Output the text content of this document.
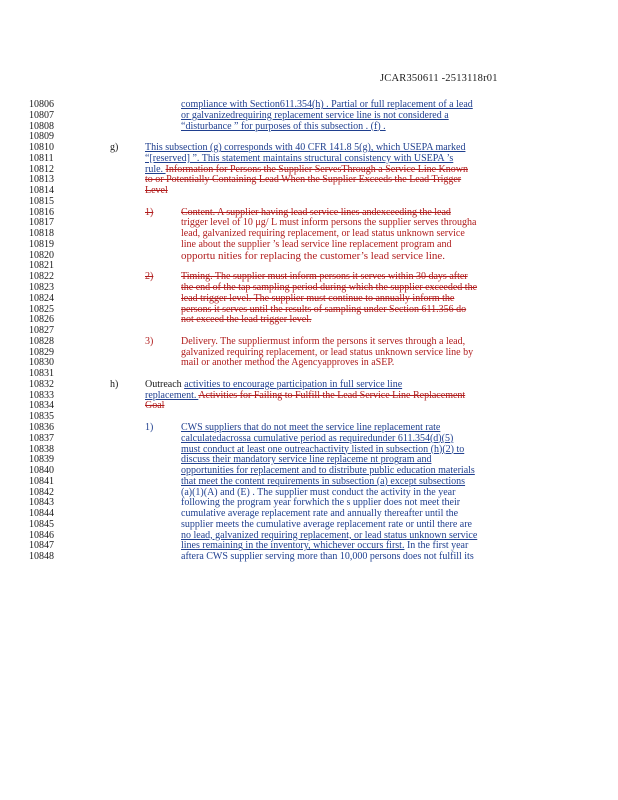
JCAR350611 -2513118r01
10806	compliance with Section611.354(h) . Partial or full replacement of a lead
10807	or galvanizedrequiring replacement service line is not considered a
10808	“disturbance ” for purposes of this subsection . (f) .
10809
10810	g)	This subsection (g) corresponds with 40 CFR 141.8 5(g), which USEPA marked
10811	“[reserved] ”. This statement maintains structural consistency with USEPA ’s
10812	rule. Information for Persons the Supplier ServesThrough a Service Line Known
10813	to or Potentially Containing Lead When the Supplier Exceeds the Lead Trigger
10814	Level
10815
10816	1)	Content. A supplier having lead service lines andexceeding the lead
10817	trigger level of 10 μg/ L must inform persons the supplier serves througha
10818	lead, galvanized requiring replacement, or lead status unknown service
10819	line about the supplier ’s lead service line replacement program and
10820	opportu nities for replacing the customer’s lead service line.
10821
10822	2)	Timing. The supplier must inform persons it serves within 30 days after
10823	the end of the tap sampling period during which the supplier exceeded the
10824	lead trigger level. The supplier must continue to annually inform the
10825	persons it serves until the results of sampling under Section 611.356 do
10826	not exceed the lead trigger level.
10827
10828	3)	Delivery. The suppliermust inform the persons it serves through a lead,
10829	galvanized requiring replacement, or lead status unknown service line by
10830	mail or another method the Agencyapproves in aSEP.
10831
10832	h)	Outreach activities to encourage participation in full service line
10833	replacement. Activities for Failing to Fulfill the Lead Service Line Replacement
10834	Goal
10835
10836	1)	CWS suppliers that do not meet the service line replacement rate
10837	calculatedacrossa cumulative period as requiredunder 611.354(d)(5)
10838	must conduct at least one outreachactivity listed in subsection (h)(2) to
10839	discuss their mandatory service line replaceme nt program and
10840	opportunities for replacement and to distribute public education materials
10841	that meet the content requirements in subsection (a) except subsections
10842	(a)(1)(A) and (E) . The supplier must conduct the activity in the year
10843	following the program year forwhich the s upplier does not meet their
10844	cumulative average replacement rate and annually thereafter until the
10845	supplier meets the cumulative average replacement rate or until there are
10846	no lead, galvanized requiring replacement, or lead status unknown service
10847	lines remaining in the inventory, whichever occurs first. In the first year
10848	aftera CWS supplier serving more than 10,000 persons does not fulfill its
